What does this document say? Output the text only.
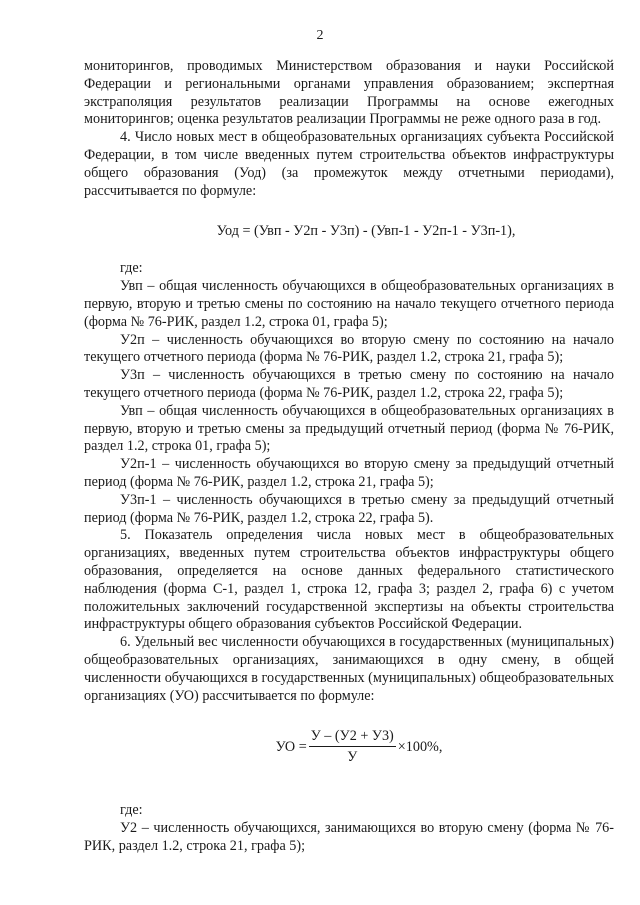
2

мониторингов, проводимых Министерством образования и науки Российской Федерации и региональными органами управления образованием; экспертная экстраполяция результатов реализации Программы на основе ежегодных мониторингов; оценка результатов реализации Программы не реже одного раза в год.

4. Число новых мест в общеобразовательных организациях субъекта Российской Федерации, в том числе введенных путем строительства объектов инфраструктуры общего образования (Уод) (за промежуток между отчетными периодами), рассчитывается по формуле:

Уод = (Увп - У2п - У3п) - (Увп-1 - У2п-1 - У3п-1),

где:

Увп – общая численность обучающихся в общеобразовательных организациях в первую, вторую и третью смены по состоянию на начало текущего отчетного периода (форма № 76-РИК, раздел 1.2, строка 01, графа 5);

У2п – численность обучающихся во вторую смену по состоянию на начало текущего отчетного периода (форма № 76-РИК, раздел 1.2, строка 21, графа 5);

У3п – численность обучающихся в третью смену по состоянию на начало текущего отчетного периода (форма № 76-РИК, раздел 1.2, строка 22, графа 5);

Увп – общая численность обучающихся в общеобразовательных организациях в первую, вторую и третью смены за предыдущий отчетный период (форма № 76-РИК, раздел 1.2, строка 01, графа 5);

У2п-1 – численность обучающихся во вторую смену за предыдущий отчетный период (форма № 76-РИК, раздел 1.2, строка 21, графа 5);

У3п-1 – численность обучающихся в третью смену за предыдущий отчетный период (форма № 76-РИК, раздел 1.2, строка 22, графа 5).

5. Показатель определения числа новых мест в общеобразовательных организациях, введенных путем строительства объектов инфраструктуры общего образования, определяется на основе данных федерального статистического наблюдения (форма С-1, раздел 1, строка 12, графа 3; раздел 2, графа 6) с учетом положительных заключений государственной экспертизы на объекты строительства инфраструктуры общего образования субъектов Российской Федерации.

6. Удельный вес численности обучающихся в государственных (муниципальных) общеобразовательных организациях, занимающихся в одну смену, в общей численности обучающихся в государственных (муниципальных) общеобразовательных организациях (УО) рассчитывается по формуле:

УО = $\frac{У - (У2 + У3)}{У} \times 100\%$,

где:

У2 – численность обучающихся, занимающихся во вторую смену (форма № 76-РИК, раздел 1.2, строка 21, графа 5);
